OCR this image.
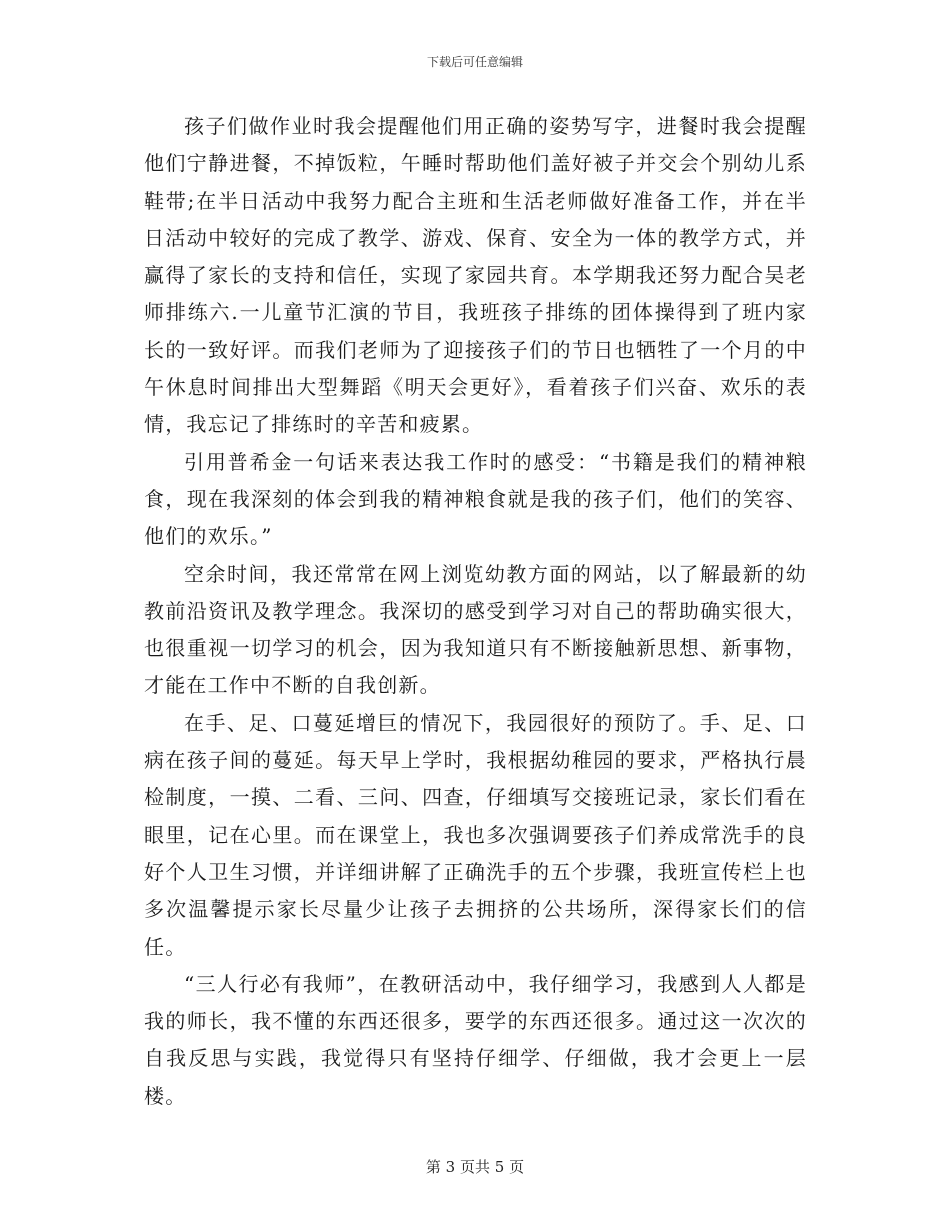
下载后可任意编辑

孩子们做作业时我会提醒他们用正确的姿势写字，进餐时我会提醒他们宁静进餐，不掉饭粒，午睡时帮助他们盖好被子并交会个别幼儿系鞋带;在半日活动中我努力配合主班和生活老师做好准备工作，并在半日活动中较好的完成了教学、游戏、保育、安全为一体的教学方式，并赢得了家长的支持和信任，实现了家园共育。本学期我还努力配合吴老师排练六.一儿童节汇演的节目，我班孩子排练的团体操得到了班内家长的一致好评。而我们老师为了迎接孩子们的节日也牺牲了一个月的中午休息时间排出大型舞蹈《明天会更好》，看着孩子们兴奋、欢乐的表情，我忘记了排练时的辛苦和疲累。

引用普希金一句话来表达我工作时的感受：“书籍是我们的精神粮食，现在我深刻的体会到我的精神粮食就是我的孩子们，他们的笑容、他们的欢乐。”

空余时间，我还常常在网上浏览幼教方面的网站，以了解最新的幼教前沿资讯及教学理念。我深切的感受到学习对自己的帮助确实很大，也很重视一切学习的机会，因为我知道只有不断接触新思想、新事物，才能在工作中不断的自我创新。

在手、足、口蔓延增巨的情况下，我园很好的预防了。手、足、口病在孩子间的蔓延。每天早上学时，我根据幼稚园的要求，严格执行晨检制度，一摸、二看、三问、四查，仔细填写交接班记录，家长们看在眼里，记在心里。而在课堂上，我也多次强调要孩子们养成常洗手的良好个人卫生习惯，并详细讲解了正确洗手的五个步骤，我班宣传栏上也多次温馨提示家长尽量少让孩子去拥挤的公共场所，深得家长们的信任。

“三人行必有我师”，在教研活动中，我仔细学习，我感到人人都是我的师长，我不懂的东西还很多，要学的东西还很多。通过这一次次的自我反思与实践，我觉得只有坚持仔细学、仔细做，我才会更上一层楼。

第 3 页共 5 页
